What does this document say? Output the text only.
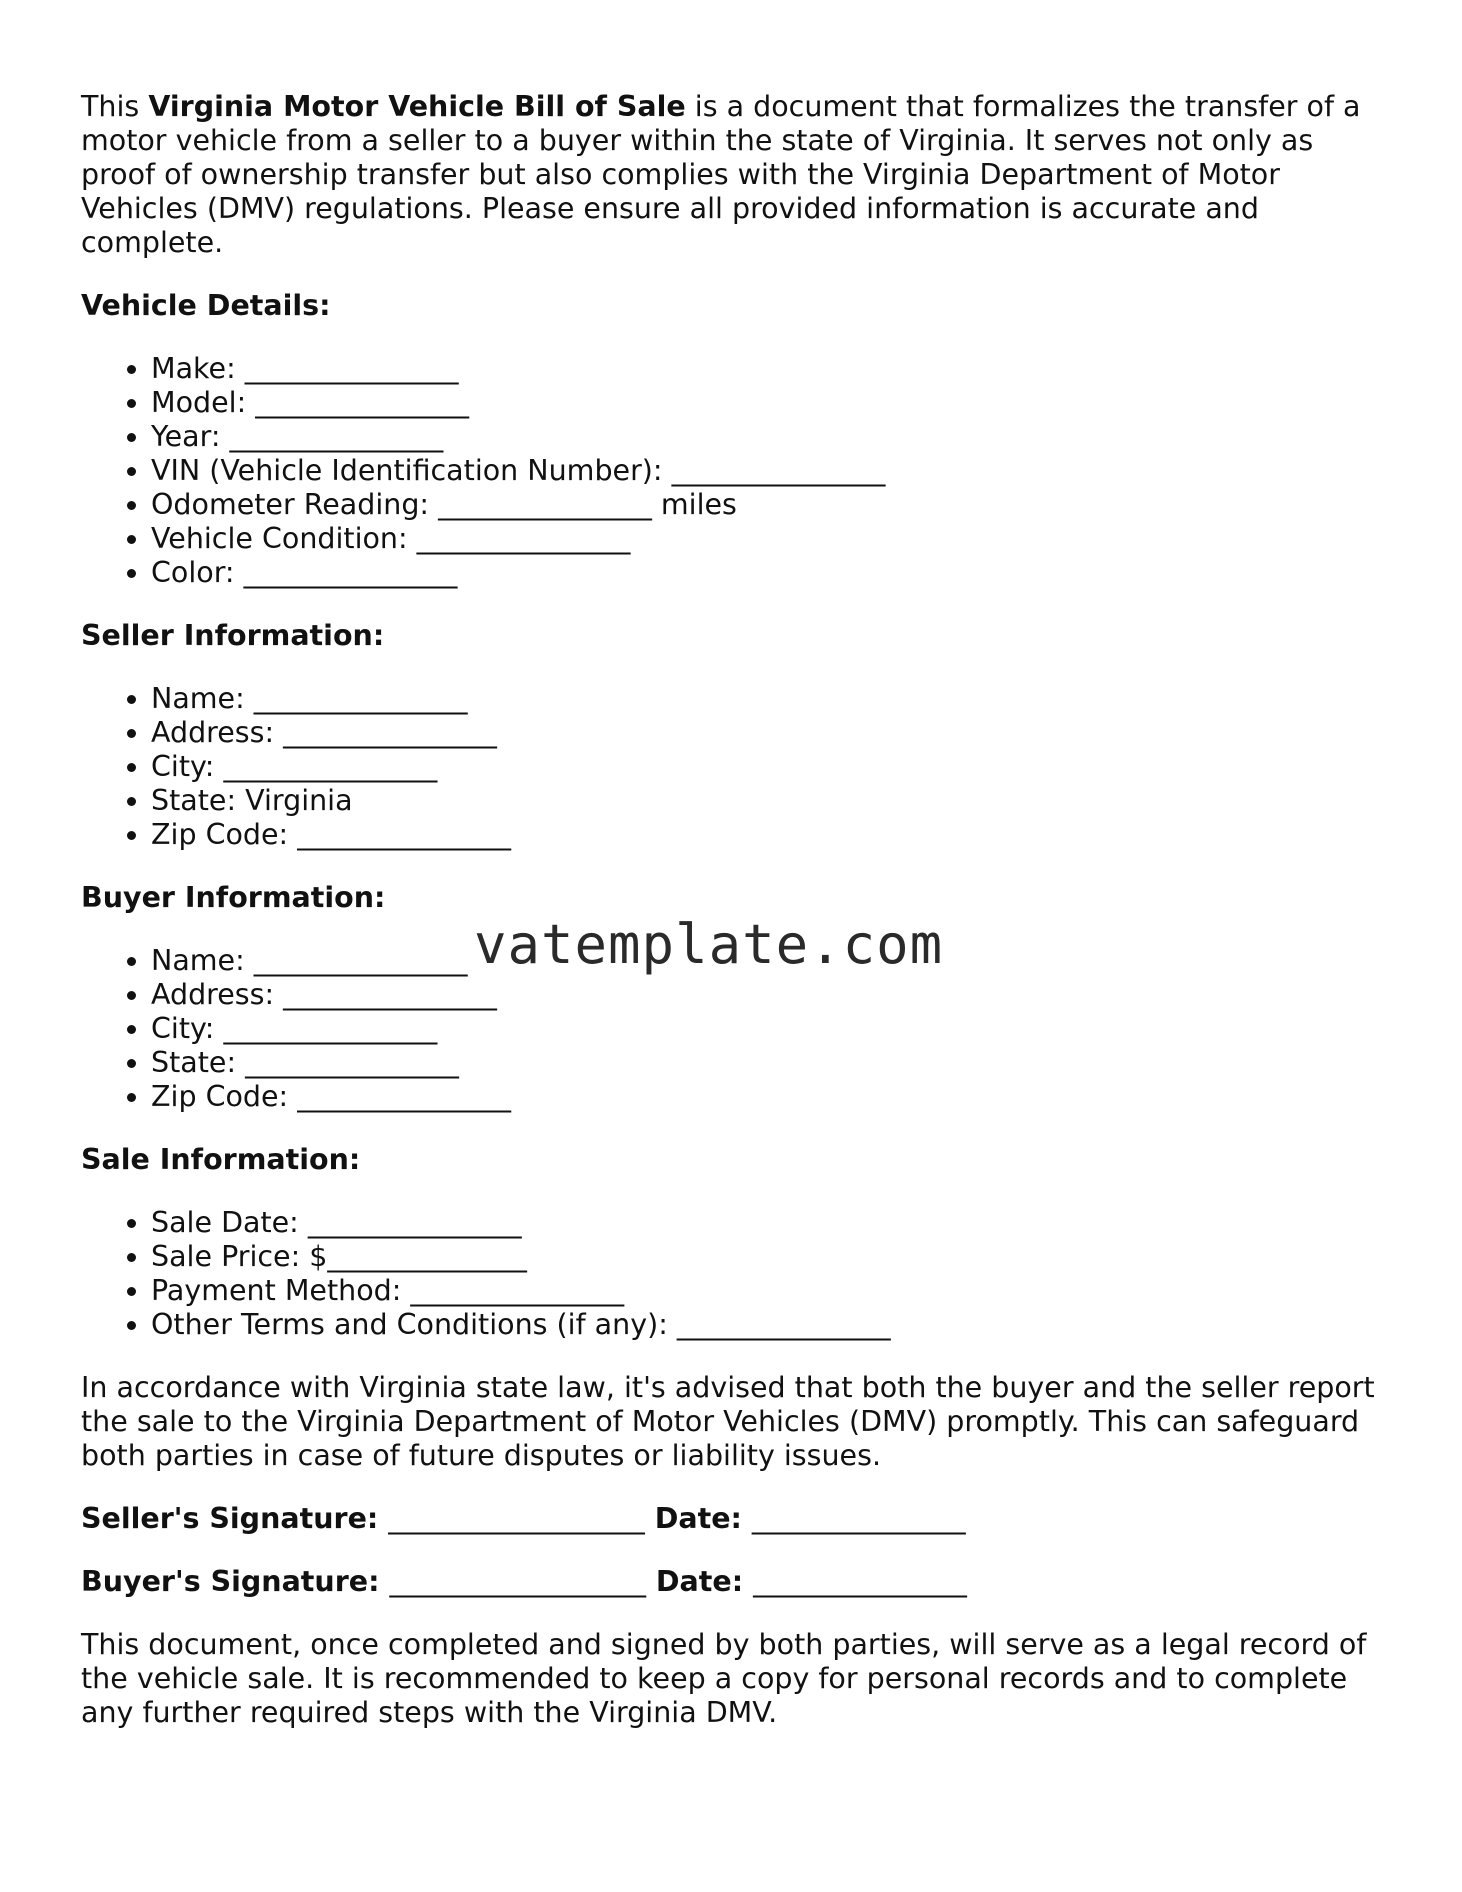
This Virginia Motor Vehicle Bill of Sale is a document that formalizes the transfer of a motor vehicle from a seller to a buyer within the state of Virginia. It serves not only as proof of ownership transfer but also complies with the Virginia Department of Motor Vehicles (DMV) regulations. Please ensure all provided information is accurate and complete.

Vehicle Details:
• Make: _______________
• Model: _______________
• Year: _______________
• VIN (Vehicle Identification Number): _______________
• Odometer Reading: _______________ miles
• Vehicle Condition: _______________
• Color: _______________
Seller Information:
• Name: _______________
• Address: _______________
• City: _______________
• State: Virginia
• Zip Code: _______________
Buyer Information:
• Name: _______________
• Address: _______________
• City: _______________
• State: _______________
• Zip Code: _______________
Sale Information:
• Sale Date: _______________
• Sale Price: $______________
• Payment Method: _______________
• Other Terms and Conditions (if any): _______________

In accordance with Virginia state law, it's advised that both the buyer and the seller report the sale to the Virginia Department of Motor Vehicles (DMV) promptly. This can safeguard both parties in case of future disputes or liability issues.

Seller's Signature: __________________ Date: _______________
Buyer's Signature: __________________ Date: _______________

This document, once completed and signed by both parties, will serve as a legal record of the vehicle sale. It is recommended to keep a copy for personal records and to complete any further required steps with the Virginia DMV.

vatemplate.com
